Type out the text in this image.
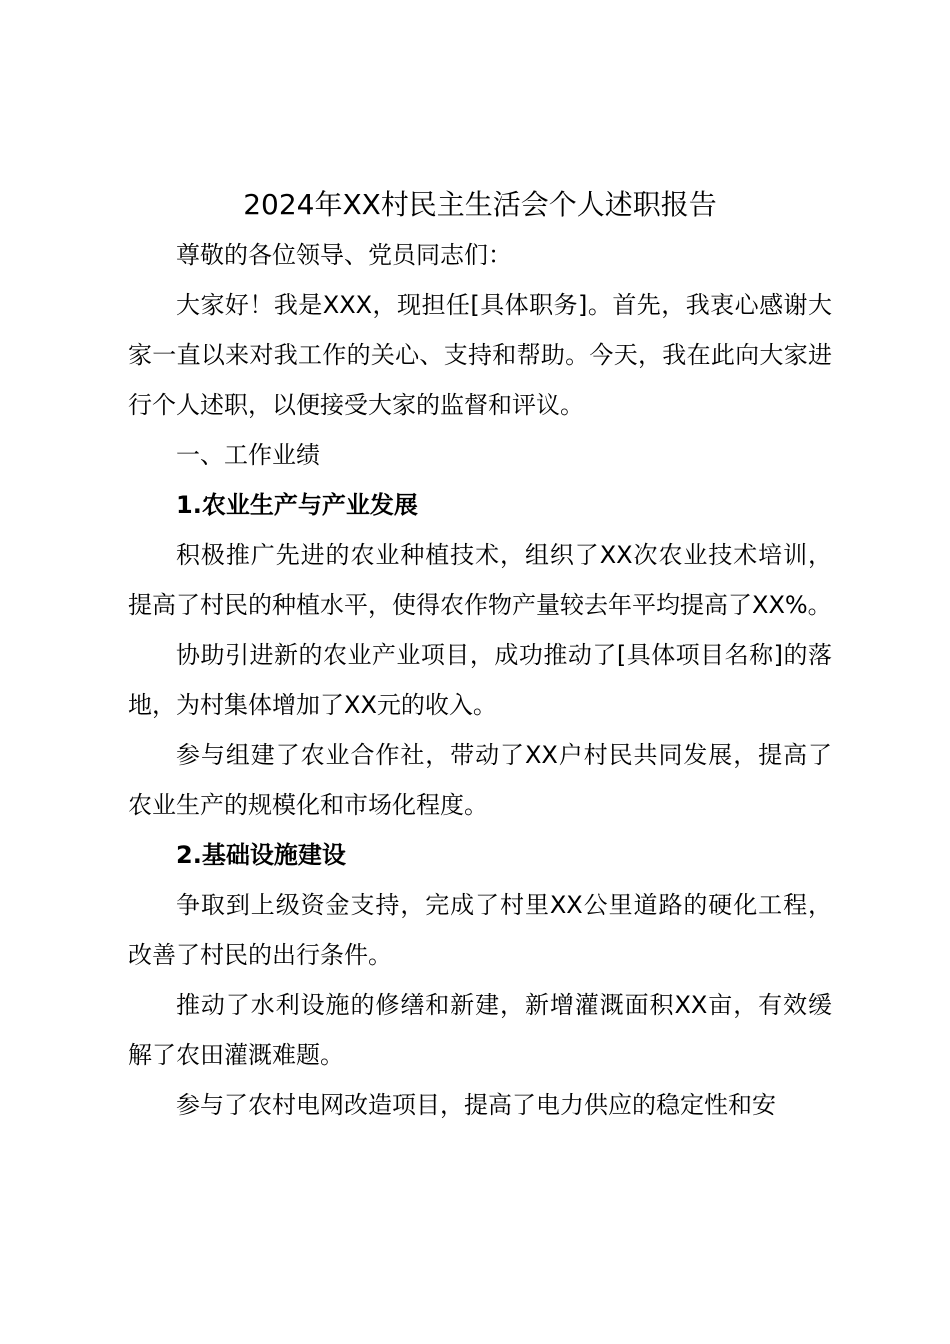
2024年XX村民主生活会个人述职报告

尊敬的各位领导、党员同志们：

大家好！我是XXX，现担任[具体职务]。首先，我衷心感谢大家一直以来对我工作的关心、支持和帮助。今天，我在此向大家进行个人述职，以便接受大家的监督和评议。

一、工作业绩

1.农业生产与产业发展

积极推广先进的农业种植技术，组织了XX次农业技术培训，提高了村民的种植水平，使得农作物产量较去年平均提高了XX%。

协助引进新的农业产业项目，成功推动了[具体项目名称]的落地，为村集体增加了XX元的收入。

参与组建了农业合作社，带动了XX户村民共同发展，提高了农业生产的规模化和市场化程度。

2.基础设施建设

争取到上级资金支持，完成了村里XX公里道路的硬化工程，改善了村民的出行条件。

推动了水利设施的修缮和新建，新增灌溉面积XX亩，有效缓解了农田灌溉难题。

参与了农村电网改造项目，提高了电力供应的稳定性和安
